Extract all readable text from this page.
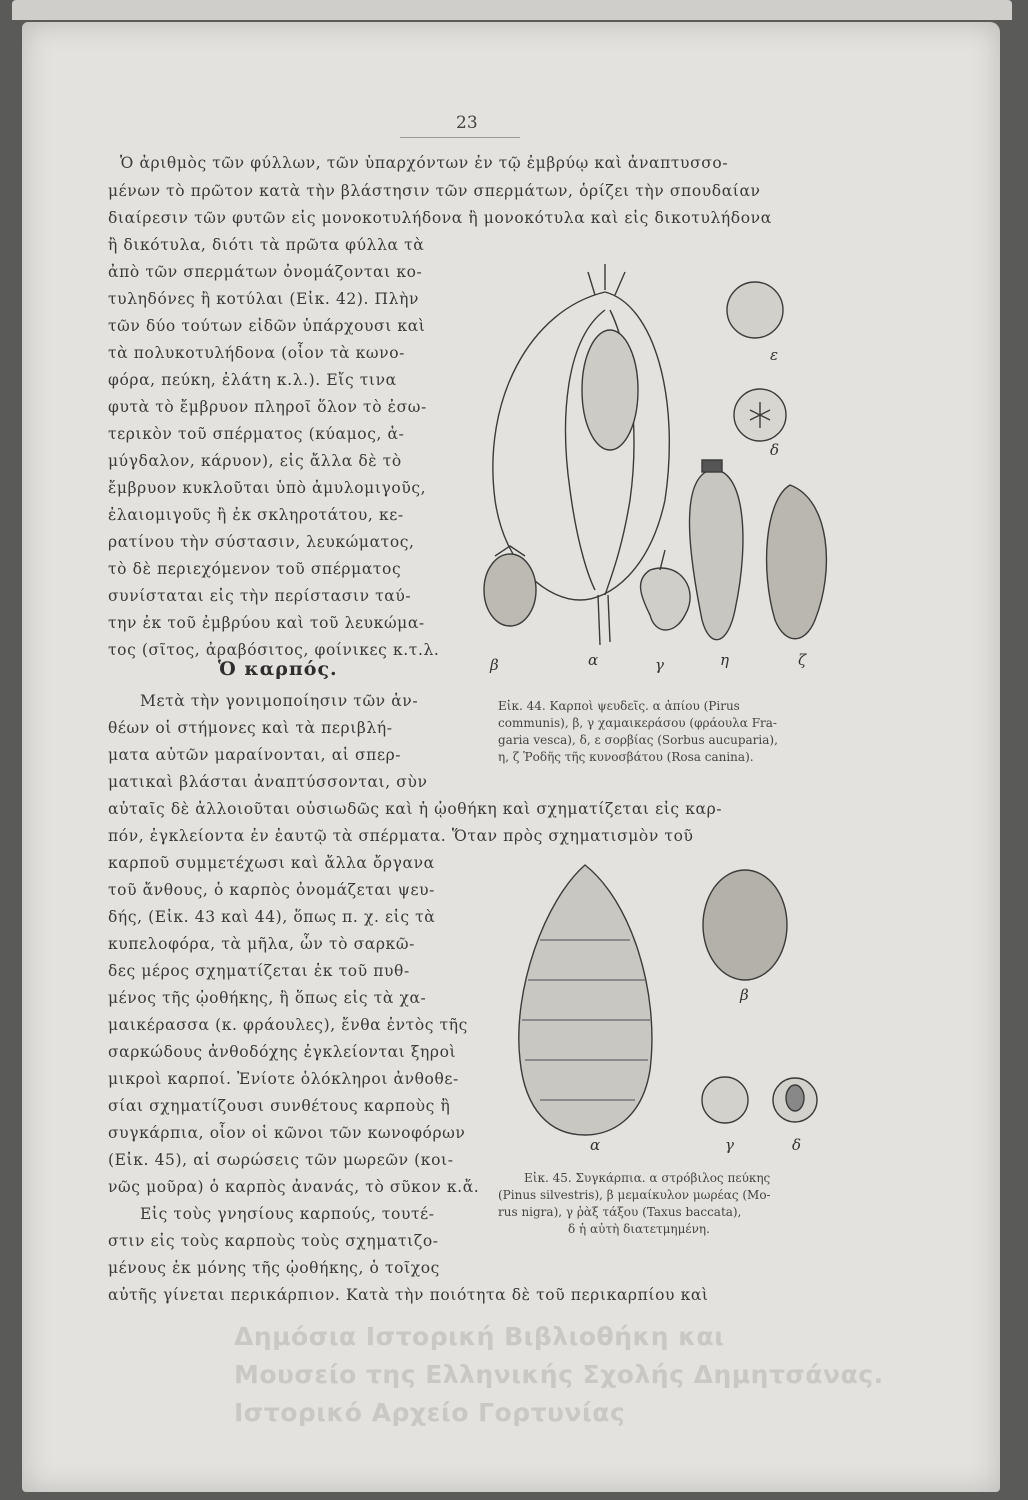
23
Ὁ ἀριθμὸς τῶν φύλλων, τῶν ὑπαρχόντων ἐν τῷ ἐμβρύῳ καὶ ἀναπτυσσο-
μένων τὸ πρῶτον κατὰ τὴν βλάστησιν τῶν σπερμάτων, ὁρίζει τὴν σπουδαίαν
διαίρεσιν τῶν φυτῶν εἰς μονοκοτυλήδονα ἢ μονοκότυλα καὶ εἰς δικοτυλήδονα
ἢ δικότυλα, διότι τὰ πρῶτα φύλλα τὰ
ἀπὸ τῶν σπερμάτων ὀνομάζονται κο-
τυληδόνες ἢ κοτύλαι (Εἰκ. 42). Πλὴν
τῶν δύο τούτων εἰδῶν ὑπάρχουσι καὶ
τὰ πολυκοτυλήδονα (οἷον τὰ κωνο-
φόρα, πεύκη, ἐλάτη κ.λ.). Εἴς τινα
φυτὰ τὸ ἔμβρυον πληροῖ ὅλον τὸ ἐσω-
τερικὸν τοῦ σπέρματος (κύαμος, ἀ-
μύγδαλον, κάρυον), εἰς ἄλλα δὲ τὸ
ἔμβρυον κυκλοῦται ὑπὸ ἀμυλομιγοῦς,
ἐλαιομιγοῦς ἢ ἐκ σκληροτάτου, κε-
ρατίνου τὴν σύστασιν, λευκώματος,
τὸ δὲ περιεχόμενον τοῦ σπέρματος
συνίσταται εἰς τὴν περίστασιν ταύ-
την ἐκ τοῦ ἐμβρύου καὶ τοῦ λευκώμα-
τος (σῖτος, ἀραβόσιτος, φοίνικες κ.τ.λ.
Ὁ καρπός.
Μετὰ τὴν γονιμοποίησιν τῶν ἀν-
θέων οἱ στήμονες καὶ τὰ περιβλή-
ματα αὐτῶν μαραίνονται, αἱ σπερ-
ματικαὶ βλάσται ἀναπτύσσονται, σὺν
αὐταῖς δὲ ἀλλοιοῦται οὐσιωδῶς καὶ ἡ ᾠοθήκη καὶ σχηματίζεται εἰς καρ-
πόν, ἐγκλείοντα ἐν ἑαυτῷ τὰ σπέρματα. Ὅταν πρὸς σχηματισμὸν τοῦ
καρποῦ συμμετέχωσι καὶ ἄλλα ὄργανα
τοῦ ἄνθους, ὁ καρπὸς ὀνομάζεται ψευ-
δής, (Εἰκ. 43 καὶ 44), ὅπως π. χ. εἰς τὰ
κυπελοφόρα, τὰ μῆλα, ὧν τὸ σαρκῶ-
δες μέρος σχηματίζεται ἐκ τοῦ πυθ-
μένος τῆς ᾠοθήκης, ἢ ὅπως εἰς τὰ χα-
μαικέρασσα (κ. φράουλες), ἔνθα ἐντὸς τῆς
σαρκώδους ἀνθοδόχης ἐγκλείονται ξηροὶ
μικροὶ καρποί. Ἐνίοτε ὁλόκληροι ἀνθοθε-
σίαι σχηματίζουσι συνθέτους καρποὺς ἢ
συγκάρπια, οἷον οἱ κῶνοι τῶν κωνοφόρων
(Εἰκ. 45), αἱ σωρώσεις τῶν μωρεῶν (κοι-
νῶς μοῦρα) ὁ καρπὸς ἀνανάς, τὸ σῦκον κ.ἄ.
Εἰς τοὺς γνησίους καρπούς, τουτέ-
στιν εἰς τοὺς καρποὺς τοὺς σχηματιζο-
μένους ἐκ μόνης τῆς ᾠοθήκης, ὁ τοῖχος
αὐτῆς γίνεται περικάρπιον. Κατὰ τὴν ποιότητα δὲ τοῦ περικαρπίου καὶ
β	α	γ	η	ζ
ε
δ
Εἰκ. 44. Καρποὶ ψευδεῖς. α ἀπίου (Pirus
communis), β, γ χαμαικεράσου (φράουλα Fra-
garia vesca), δ, ε σορβίας (Sorbus aucuparia),
η, ζ Ῥοδῆς τῆς κυνοσβάτου (Rosa canina).
β
α	γ	δ
Εἰκ. 45. Συγκάρπια. α στρόβιλος πεύκης
(Pinus silvestris), β μεμαίκυλον μωρέας (Mo-
rus nigra), γ ῥὰξ τάξου (Taxus baccata),
δ ἡ αὐτὴ διατετμημένη.
Δημόσια Ιστορική Βιβλιοθήκη και
Μουσείο της Ελληνικής Σχολής Δημητσάνας.
Ιστορικό Αρχείο Γορτυνίας
